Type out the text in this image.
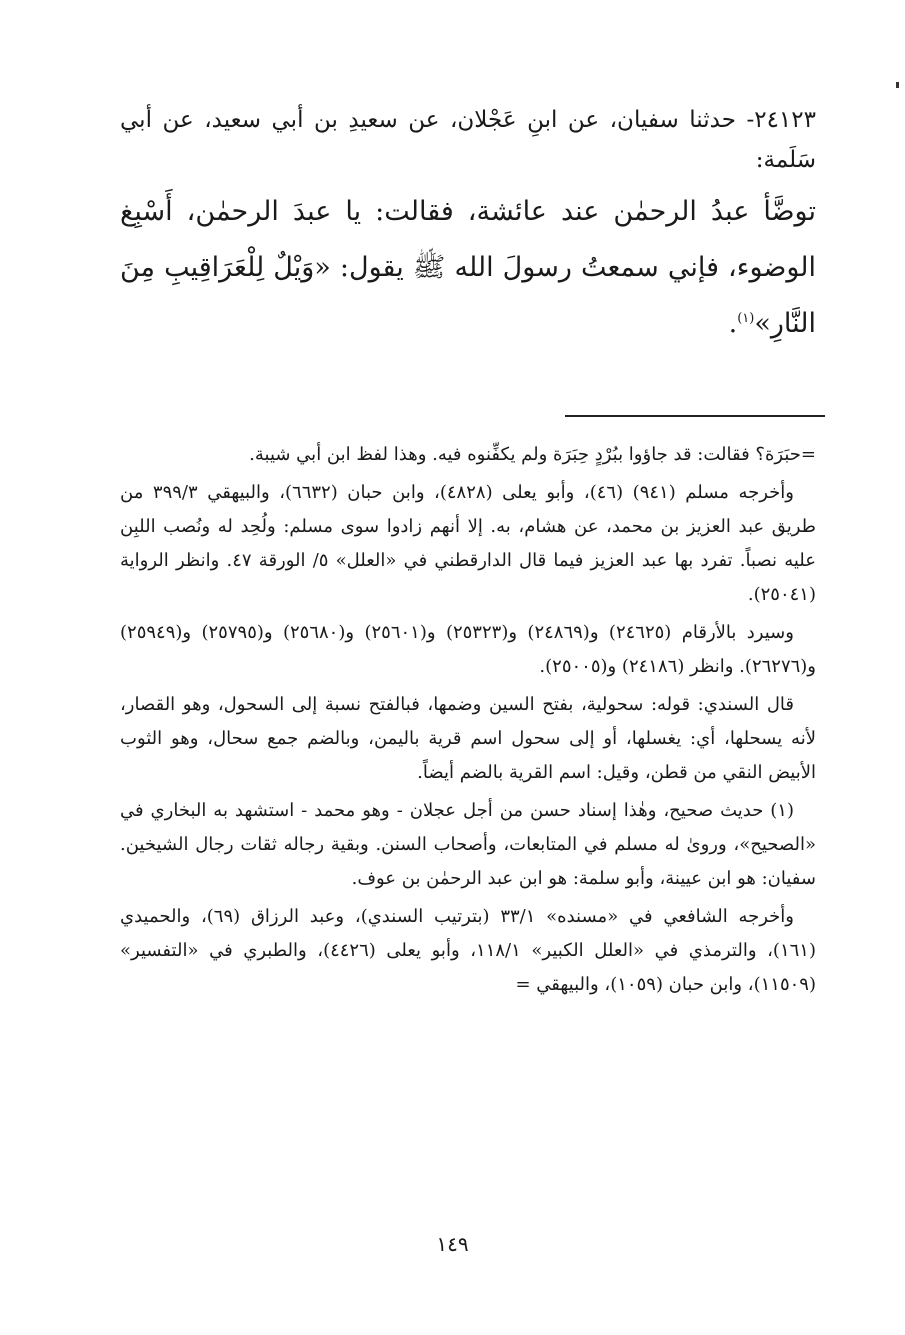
٢٤١٢٣- حدثنا سفيان، عن ابنِ عَجْلان، عن سعيدِ بن أبي سعيد، عن أبي سَلَمة:

توضَّأ عبدُ الرحمٰن عند عائشة، فقالت: يا عبدَ الرحمٰن، أَسْبِغ الوضوء، فإني سمعتُ رسولَ الله ﷺ يقول: «وَيْلٌ لِلْعَرَاقِيبِ مِنَ النَّارِ»$^{(١)}$.

=حبَرَة؟ فقالت: قد جاؤوا ببُرْدٍ حِبَرَة ولم يكفِّنوه فيه. وهذا لفظ ابن أبي شيبة.

وأخرجه مسلم (٩٤١) (٤٦)، وأبو يعلى (٤٨٢٨)، وابن حبان (٦٦٣٢)، والبيهقي ٣٩٩/٣ من طريق عبد العزيز بن محمد، عن هشام، به. إلا أنهم زادوا سوى مسلم: ولُحِد له ونُصب اللبِن عليه نصباً. تفرد بها عبد العزيز فيما قال الدارقطني في «العلل» ٥/ الورقة ٤٧. وانظر الرواية (٢٥٠٤١).

وسيرد بالأرقام (٢٤٦٢٥) و(٢٤٨٦٩) و(٢٥٣٢٣) و(٢٥٦٠١) و(٢٥٦٨٠) و(٢٥٧٩٥) و(٢٥٩٤٩) و(٢٦٢٧٦). وانظر (٢٤١٨٦) و(٢٥٠٠٥).

قال السندي: قوله: سحولية، بفتح السين وضمها، فبالفتح نسبة إلى السحول، وهو القصار، لأنه يسحلها، أي: يغسلها، أو إلى سحول اسم قرية باليمن، وبالضم جمع سحال، وهو الثوب الأبيض النقي من قطن، وقيل: اسم القرية بالضم أيضاً.

(١) حديث صحيح، وهٰذا إسناد حسن من أجل عجلان - وهو محمد - استشهد به البخاري في «الصحيح»، وروىٰ له مسلم في المتابعات، وأصحاب السنن. وبقية رجاله ثقات رجال الشيخين. سفيان: هو ابن عيينة، وأبو سلمة: هو ابن عبد الرحمٰن بن عوف.

وأخرجه الشافعي في «مسنده» ٣٣/١ (بترتيب السندي)، وعبد الرزاق (٦٩)، والحميدي (١٦١)، والترمذي في «العلل الكبير» ١١٨/١، وأبو يعلى (٤٤٢٦)، والطبري في «التفسير» (١١٥٠٩)، وابن حبان (١٠٥٩)، والبيهقي =

١٤٩
